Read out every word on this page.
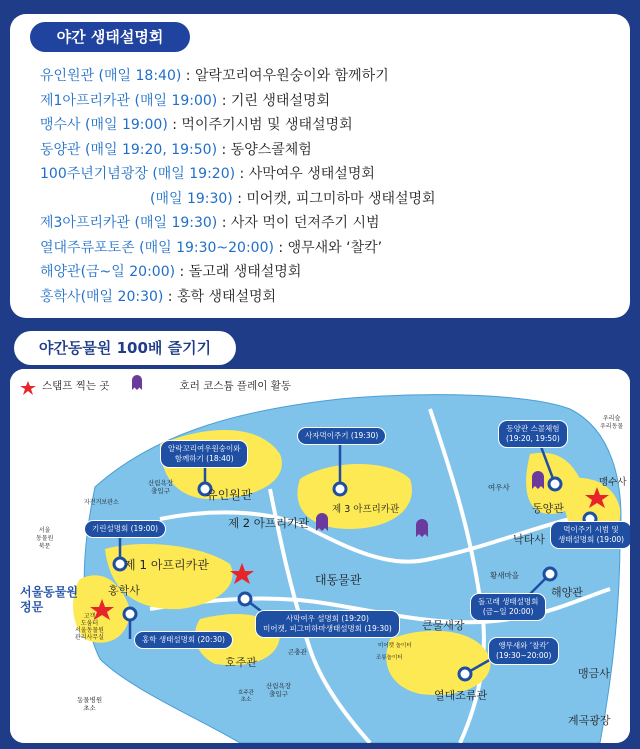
야간 생태설명회
유인원관 (매일 18:40) : 알락꼬리여우원숭이와 함께하기
제1아프리카관 (매일 19:00) : 기린 생태설명회
맹수사 (매일 19:00) : 먹이주기시범 및 생태설명회
동양관 (매일 19:20, 19:50) : 동양스콜체험
100주년기념광장 (매일 19:20) : 사막여우 생태설명회
(매일 19:30) : 미어캣, 피그미하마 생태설명회
제3아프리카관 (매일 19:30) : 사자 먹이 던져주기 시범
열대주류포토존 (매일 19:30~20:00) : 앵무새와 ‘찰칵’
해양관(금~일 20:00) : 돌고래 생태설명회
홍학사(매일 20:30) : 홍학 생태설명회
야간동물원 100배 즐기기
스탬프 찍는 곳	호러 코스튬 플레이 활동
유인원관
제 2 아프리카관
제 3 아프리카관
제 1 아프리카관
홍학사
대동물관
동양관
낙타사
맹수사
해양관
큰물새장
호주관
맹금사
열대조류관
계곡광장
서울동물원
정문
여우사
황새마을
산림욕장
출입구
산림욕장
출입구
자전거보관소
서울
동물원
북문
고객
도움터
서울동물원
관리사무실
동물병원
초소
호주관
초소
곤충관
미어캣 놀이터
조류놀이터
우리숲
우리동물
알락꼬리여우원숭이와
함께하기 (18:40)
사자먹이주기 (19:30)
기린설명회 (19:00)
동양관 스콜체험
(19:20, 19:50)
먹이주기 시범 및
생태설명회 (19:00)
돌고래 생태설명회
(금~일 20:00)
앵무새와 ‘찰칵’
(19:30~20:00)
홍학 생태설명회 (20:30)
사막여우 설명회 (19:20)
미어캣, 피그미하마생태설명회 (19:30)
